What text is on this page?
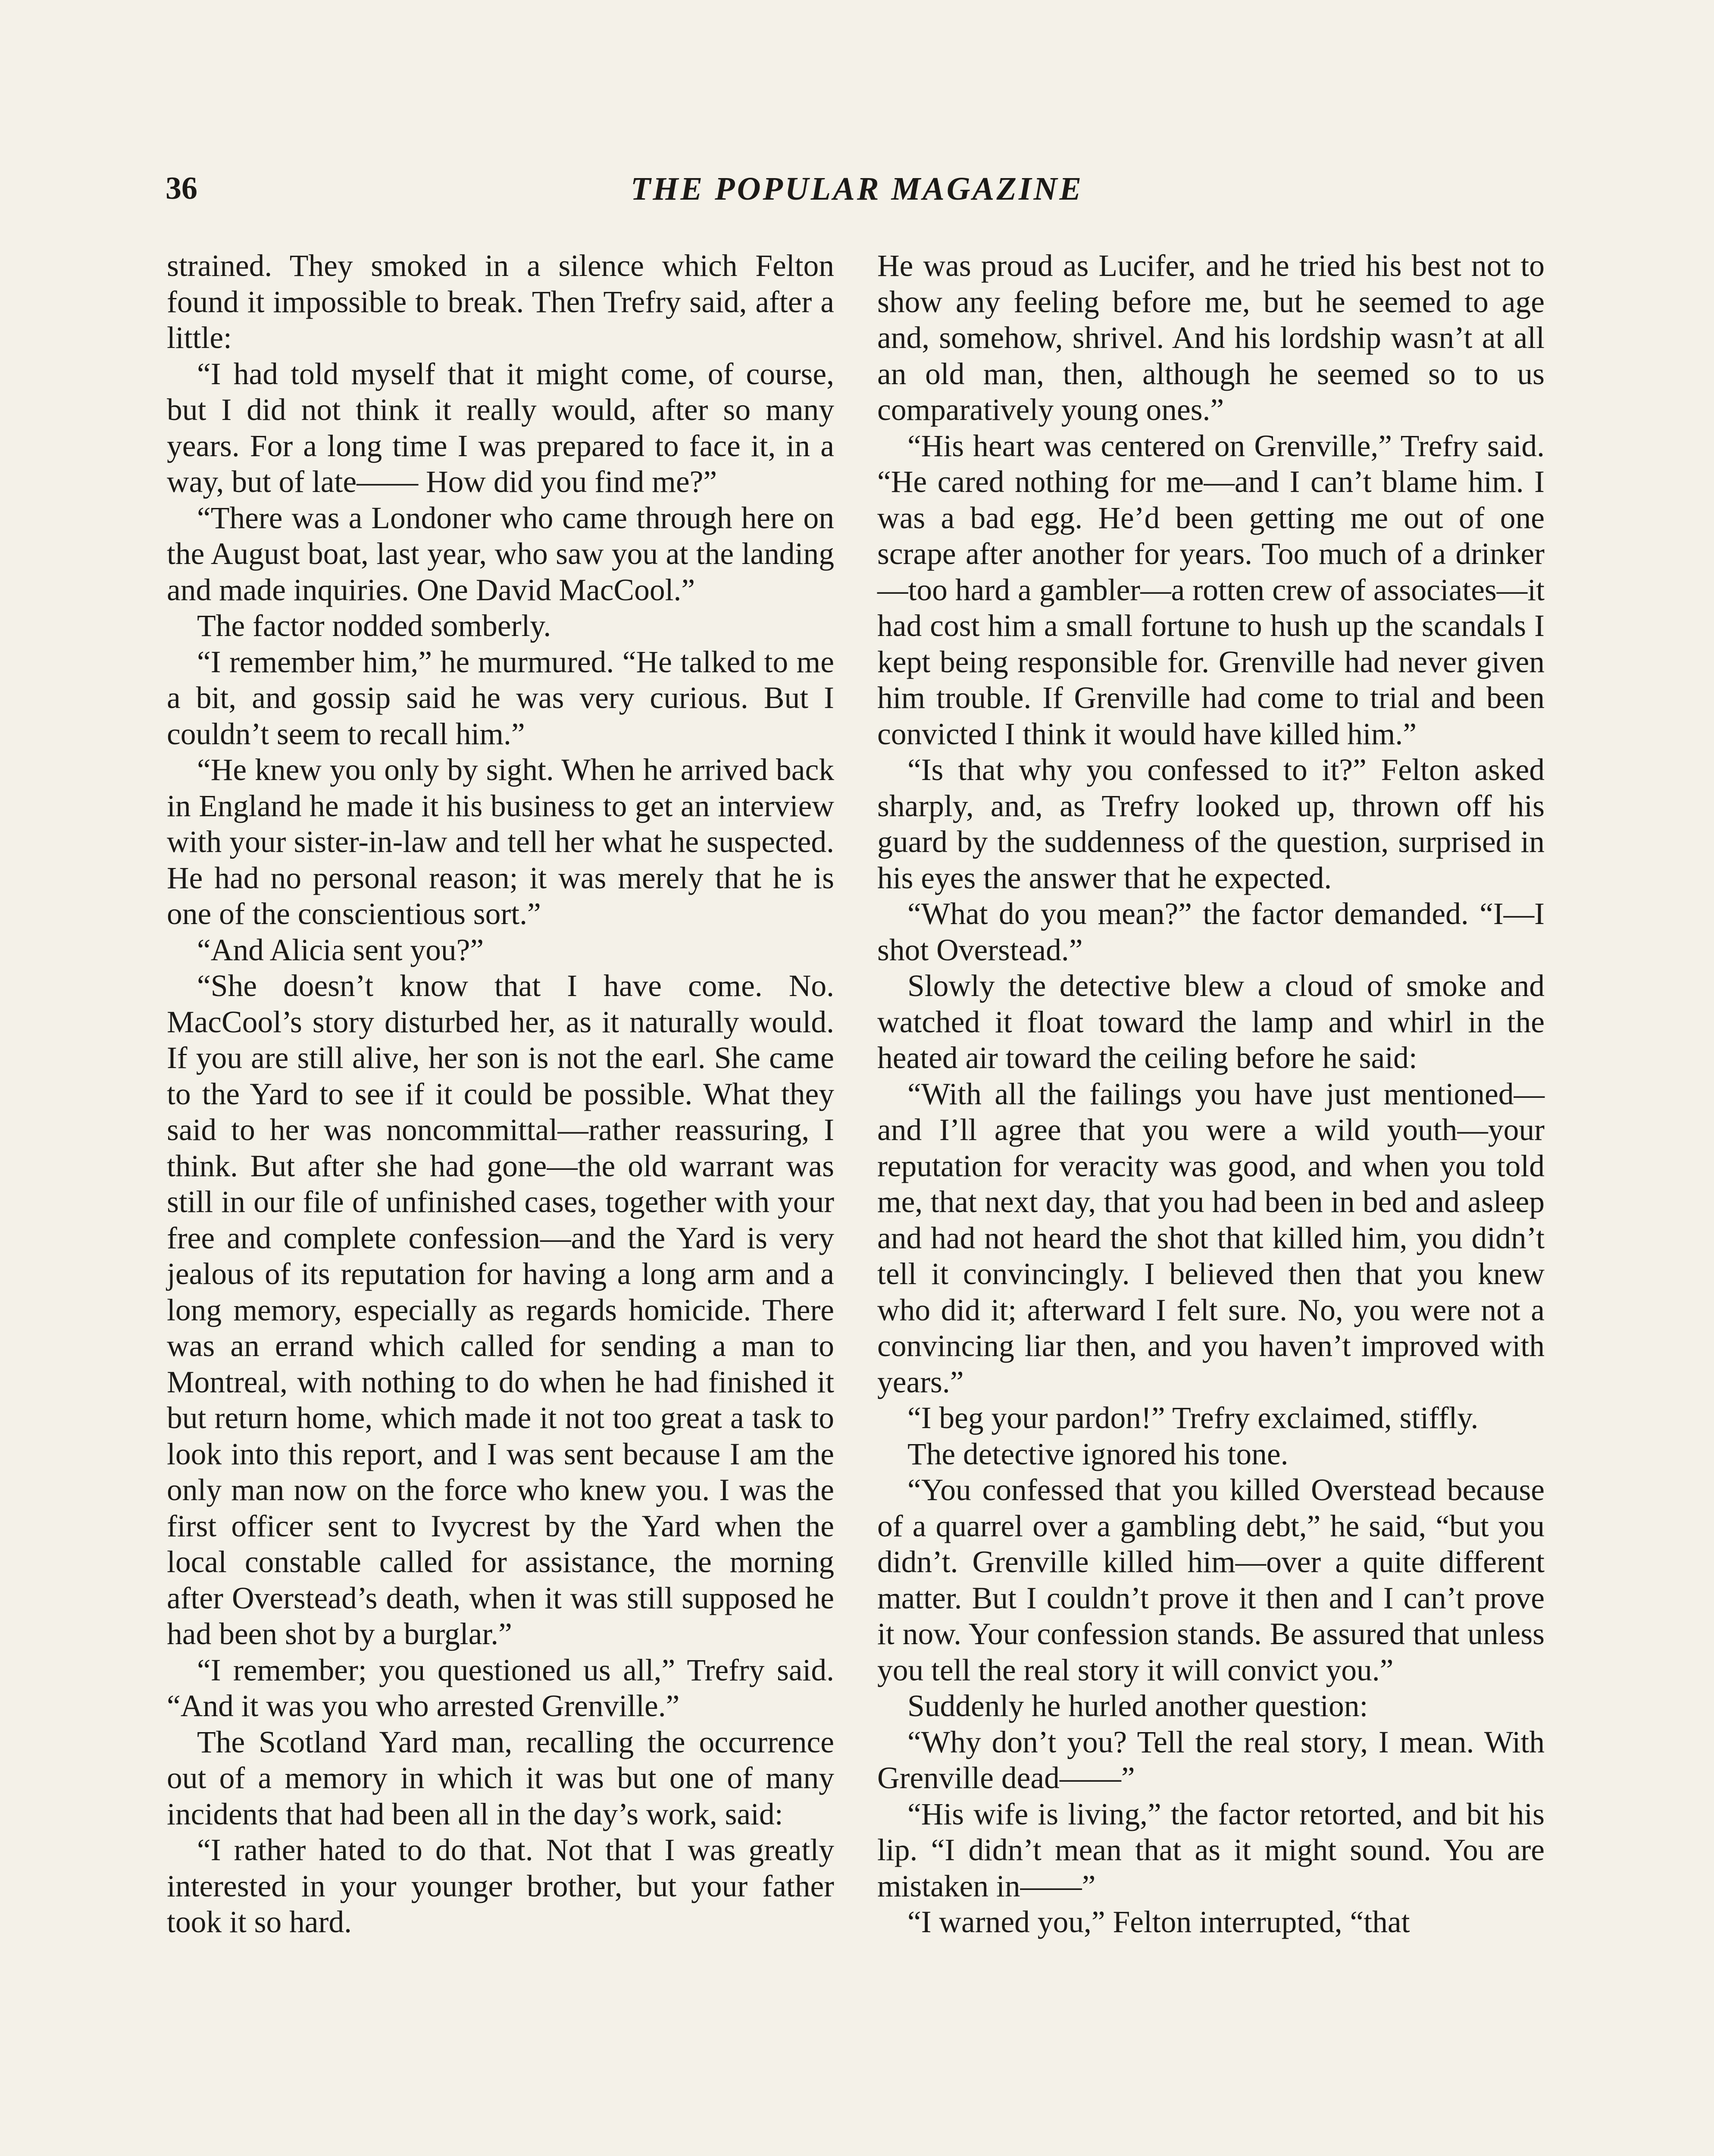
36	THE POPULAR MAGAZINE

strained. They smoked in a silence which Felton found it impossible to break. Then Trefry said, after a little:

“I had told myself that it might come, of course, but I did not think it really would, after so many years. For a long time I was prepared to face it, in a way, but of late—— How did you find me?”

“There was a Londoner who came through here on the August boat, last year, who saw you at the landing and made inquiries. One David MacCool.”

The factor nodded somberly.

“I remember him,” he murmured. “He talked to me a bit, and gossip said he was very curious. But I couldn’t seem to recall him.”

“He knew you only by sight. When he arrived back in England he made it his business to get an interview with your sister-in-law and tell her what he suspected. He had no personal reason; it was merely that he is one of the conscientious sort.”

“And Alicia sent you?”

“She doesn’t know that I have come. No. MacCool’s story disturbed her, as it naturally would. If you are still alive, her son is not the earl. She came to the Yard to see if it could be possible. What they said to her was noncommittal—rather reassuring, I think. But after she had gone—the old warrant was still in our file of unfinished cases, together with your free and complete confession—and the Yard is very jealous of its reputation for having a long arm and a long memory, especially as regards homicide. There was an errand which called for sending a man to Montreal, with nothing to do when he had finished it but return home, which made it not too great a task to look into this report, and I was sent because I am the only man now on the force who knew you. I was the first officer sent to Ivycrest by the Yard when the local constable called for assistance, the morning after Overstead’s death, when it was still supposed he had been shot by a burglar.”

“I remember; you questioned us all,” Trefry said. “And it was you who arrested Grenville.”

The Scotland Yard man, recalling the occurrence out of a memory in which it was but one of many incidents that had been all in the day’s work, said:

“I rather hated to do that. Not that I was greatly interested in your younger brother, but your father took it so hard.

He was proud as Lucifer, and he tried his best not to show any feeling before me, but he seemed to age and, somehow, shrivel. And his lordship wasn’t at all an old man, then, although he seemed so to us comparatively young ones.”

“His heart was centered on Grenville,” Trefry said. “He cared nothing for me—and I can’t blame him. I was a bad egg. He’d been getting me out of one scrape after another for years. Too much of a drinker—too hard a gambler—a rotten crew of associates—it had cost him a small fortune to hush up the scandals I kept being responsible for. Grenville had never given him trouble. If Grenville had come to trial and been convicted I think it would have killed him.”

“Is that why you confessed to it?” Felton asked sharply, and, as Trefry looked up, thrown off his guard by the suddenness of the question, surprised in his eyes the answer that he expected.

“What do you mean?” the factor demanded. “I—I shot Overstead.”

Slowly the detective blew a cloud of smoke and watched it float toward the lamp and whirl in the heated air toward the ceiling before he said:

“With all the failings you have just mentioned—and I’ll agree that you were a wild youth—your reputation for veracity was good, and when you told me, that next day, that you had been in bed and asleep and had not heard the shot that killed him, you didn’t tell it convincingly. I believed then that you knew who did it; afterward I felt sure. No, you were not a convincing liar then, and you haven’t improved with years.”

“I beg your pardon!” Trefry exclaimed, stiffly.

The detective ignored his tone.

“You confessed that you killed Overstead because of a quarrel over a gambling debt,” he said, “but you didn’t. Grenville killed him—over a quite different matter. But I couldn’t prove it then and I can’t prove it now. Your confession stands. Be assured that unless you tell the real story it will convict you.”

Suddenly he hurled another question:

“Why don’t you? Tell the real story, I mean. With Grenville dead——”

“His wife is living,” the factor retorted, and bit his lip. “I didn’t mean that as it might sound. You are mistaken in——”

“I warned you,” Felton interrupted, “that
